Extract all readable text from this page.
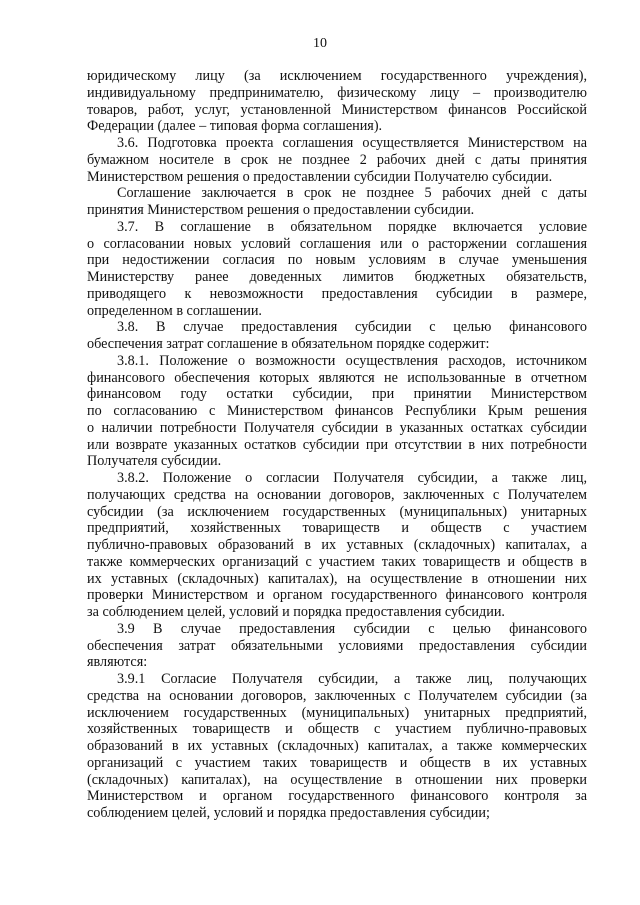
10
юридическому лицу (за исключением государственного учреждения),
индивидуальному предпринимателю, физическому лицу – производителю
товаров, работ, услуг, установленной Министерством финансов Российской
Федерации (далее – типовая форма соглашения).
3.6. Подготовка проекта соглашения осуществляется Министерством на
бумажном носителе в срок не позднее 2 рабочих дней с даты принятия
Министерством решения о предоставлении субсидии Получателю субсидии.
Соглашение заключается в срок не позднее 5 рабочих дней с даты
принятия Министерством решения о предоставлении субсидии.
3.7. В соглашение в обязательном порядке включается условие
о согласовании новых условий соглашения или о расторжении соглашения
при недостижении согласия по новым условиям в случае уменьшения
Министерству ранее доведенных лимитов бюджетных обязательств,
приводящего к невозможности предоставления субсидии в размере,
определенном в соглашении.
3.8. В случае предоставления субсидии с целью финансового
обеспечения затрат соглашение в обязательном порядке содержит:
3.8.1. Положение о возможности осуществления расходов, источником
финансового обеспечения которых являются не использованные в отчетном
финансовом году остатки субсидии, при принятии Министерством
по согласованию с Министерством финансов Республики Крым решения
о наличии потребности Получателя субсидии в указанных остатках субсидии
или возврате указанных остатков субсидии при отсутствии в них потребности
Получателя субсидии.
3.8.2. Положение о согласии Получателя субсидии, а также лиц,
получающих средства на основании договоров, заключенных с Получателем
субсидии (за исключением государственных (муниципальных) унитарных
предприятий, хозяйственных товариществ и обществ с участием
публично-правовых образований в их уставных (складочных) капиталах, а
также коммерческих организаций с участием таких товариществ и обществ в
их уставных (складочных) капиталах), на осуществление в отношении них
проверки Министерством и органом государственного финансового контроля
за соблюдением целей, условий и порядка предоставления субсидии.
3.9 В случае предоставления субсидии с целью финансового
обеспечения затрат обязательными условиями предоставления субсидии
являются:
3.9.1 Согласие Получателя субсидии, а также лиц, получающих
средства на основании договоров, заключенных с Получателем субсидии (за
исключением государственных (муниципальных) унитарных предприятий,
хозяйственных товариществ и обществ с участием публично-правовых
образований в их уставных (складочных) капиталах, а также коммерческих
организаций с участием таких товариществ и обществ в их уставных
(складочных) капиталах), на осуществление в отношении них проверки
Министерством и органом государственного финансового контроля за
соблюдением целей, условий и порядка предоставления субсидии;
